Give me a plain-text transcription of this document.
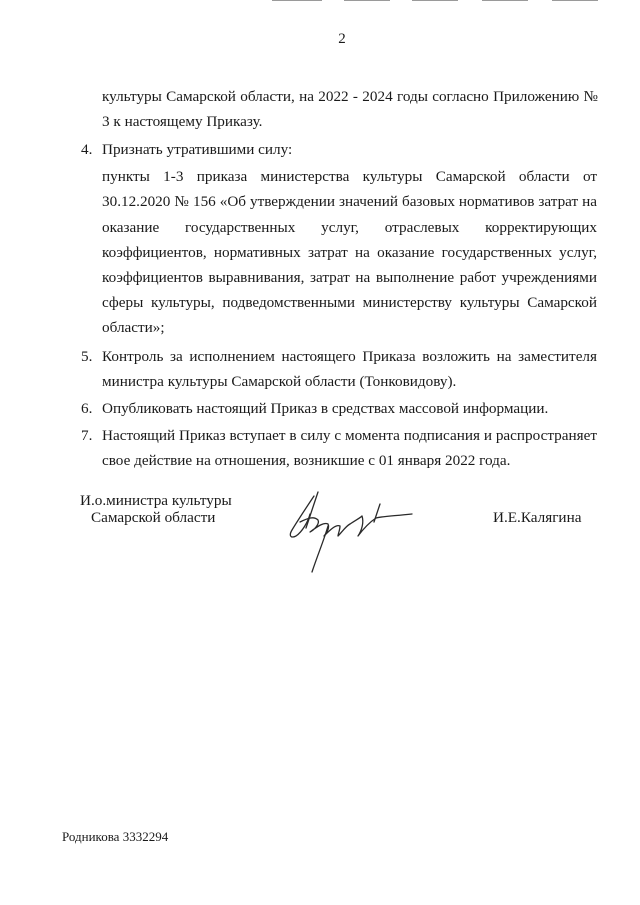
2
культуры Самарской области, на 2022 - 2024 годы согласно Приложению №
3 к настоящему Приказу.
4. Признать утратившими силу:
пункты 1-3 приказа министерства культуры Самарской области от
30.12.2020 № 156 «Об утверждении значений базовых нормативов затрат на
оказание государственных услуг, отраслевых корректирующих
коэффициентов, нормативных затрат на оказание государственных услуг,
коэффициентов выравнивания, затрат на выполнение работ учреждениями
сферы культуры, подведомственными министерству культуры Самарской
области»;
5. Контроль за исполнением настоящего Приказа возложить на заместителя
министра культуры Самарской области (Тонковидову).
6. Опубликовать настоящий Приказ в средствах массовой информации.
7. Настоящий Приказ вступает в силу с момента подписания и распространяет
свое действие на отношения, возникшие с 01 января 2022 года.
И.о.министра культуры
Самарской области	И.Е.Калягина
Родникова 3332294
